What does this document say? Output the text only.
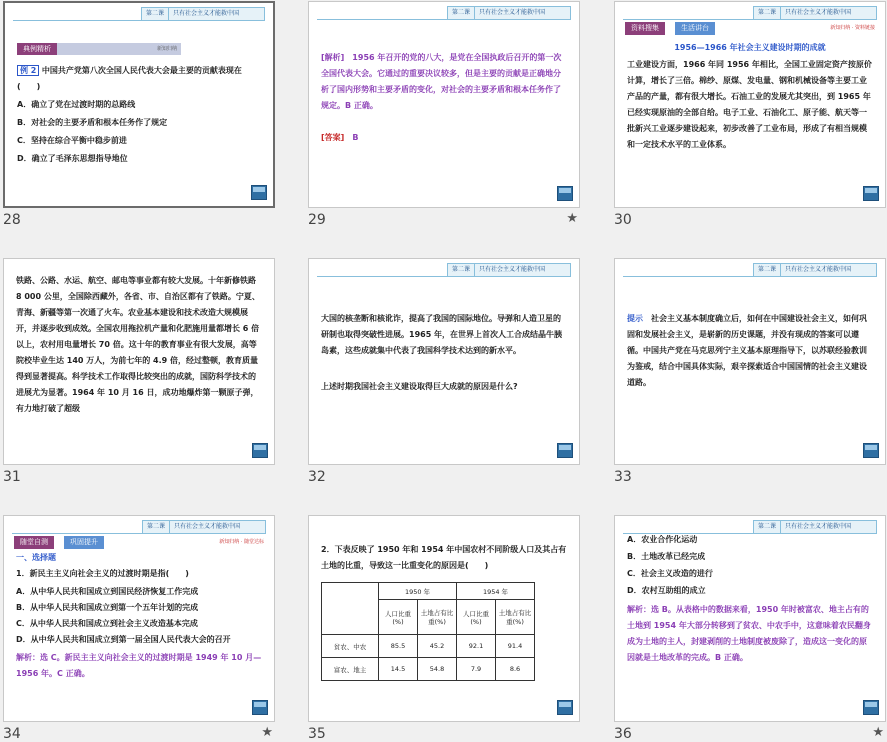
第二课 只有社会主义才能救中国
典例精析	新知归纳
例 2 中国共产党第八次全国人民代表大会最主要的贡献表现在(　　)
A．确立了党在过渡时期的总路线
B．对社会的主要矛盾和根本任务作了规定
C．坚持在综合平衡中稳步前进
D．确立了毛泽东思想指导地位
28
第二课 只有社会主义才能救中国
[解析]　1956 年召开的党的八大，是党在全国执政后召开的第一次全国代表大会。它通过的重要决议较多，但是主要的贡献是正确地分析了国内形势和主要矛盾的变化，对社会的主要矛盾和根本任务作了规定。B 正确。
[答案]　 B
29	★
第二课 只有社会主义才能救中国
资料搜集	生活讲台	新知归纳 · 资料链接
1956—1966 年社会主义建设时期的成就
工业建设方面，1966 年同 1956 年相比，全国工业固定资产按原价计算，增长了三倍。棉纱、原煤、发电量、钢和机械设备等主要工业产品的产量，都有很大增长。石油工业的发展尤其突出，到 1965 年已经实现原油的全部自给。电子工业、石油化工、原子能、航天等一批新兴工业逐步建设起来，初步改善了工业布局，形成了有相当规模和一定技术水平的工业体系。
30
铁路、公路、水运、航空、邮电等事业都有较大发展。十年新修铁路 8 000 公里，全国除西藏外，各省、市、自治区都有了铁路。宁夏、青海、新疆等第一次通了火车。农业基本建设和技术改造大规模展开，并逐步收到成效。全国农用拖拉机产量和化肥施用量都增长 6 倍以上，农村用电量增长 70 倍。这十年的教育事业有很大发展，高等院校毕业生达 140 万人，为前七年的 4.9 倍，经过整顿，教育质量得到显著提高。科学技术工作取得比较突出的成就，国防科学技术的进展尤为显著。1964 年 10 月 16 日，成功地爆炸第一颗原子弹，有力地打破了超级
31
第二课 只有社会主义才能救中国
大国的核垄断和核讹诈，提高了我国的国际地位。导弹和人造卫星的研制也取得突破性进展。1965 年，在世界上首次人工合成结晶牛胰岛素，这些成就集中代表了我国科学技术达到的新水平。
上述时期我国社会主义建设取得巨大成就的原因是什么?
32
第二课 只有社会主义才能救中国
提示　 社会主义基本制度确立后，如何在中国建设社会主义，如何巩固和发展社会主义，是崭新的历史课题，并没有现成的答案可以遵循。中国共产党在马克思列宁主义基本原理指导下，以苏联经验教训为鉴戒，结合中国具体实际，艰辛探索适合中国国情的社会主义建设道路。
33
第二课 只有社会主义才能救中国
随堂自测	巩固提升	新知归纳 · 随堂达标
一、选择题
1．新民主主义向社会主义的过渡时期是指(　　)
A．从中华人民共和国成立到国民经济恢复工作完成
B．从中华人民共和国成立到第一个五年计划的完成
C．从中华人民共和国成立到社会主义改造基本完成
D．从中华人民共和国成立到第一届全国人民代表大会的召开
解析：选 C。新民主主义向社会主义的过渡时期是 1949 年 10 月—1956 年。C 正确。
34	★
2．下表反映了 1950 年和 1954 年中国农村不同阶级人口及其占有土地的比重，导致这一比重变化的原因是(　　)
	1950 年		1954 年	
	人口比重(%)	土地占有比重(%)	人口比重(%)	土地占有比重(%)
贫农、中农	85.5	45.2	92.1	91.4
富农、地主	14.5	54.8	7.9	8.6
35
第二课 只有社会主义才能救中国
A．农业合作化运动
B．土地改革已经完成
C．社会主义改造的进行
D．农村互助组的成立
解析：选 B。从表格中的数据来看，1950 年时被富农、地主占有的土地到 1954 年大部分转移到了贫农、中农手中，这意味着农民翻身成为土地的主人，封建剥削的土地制度被废除了，造成这一变化的原因就是土地改革的完成。B 正确。
36	★
